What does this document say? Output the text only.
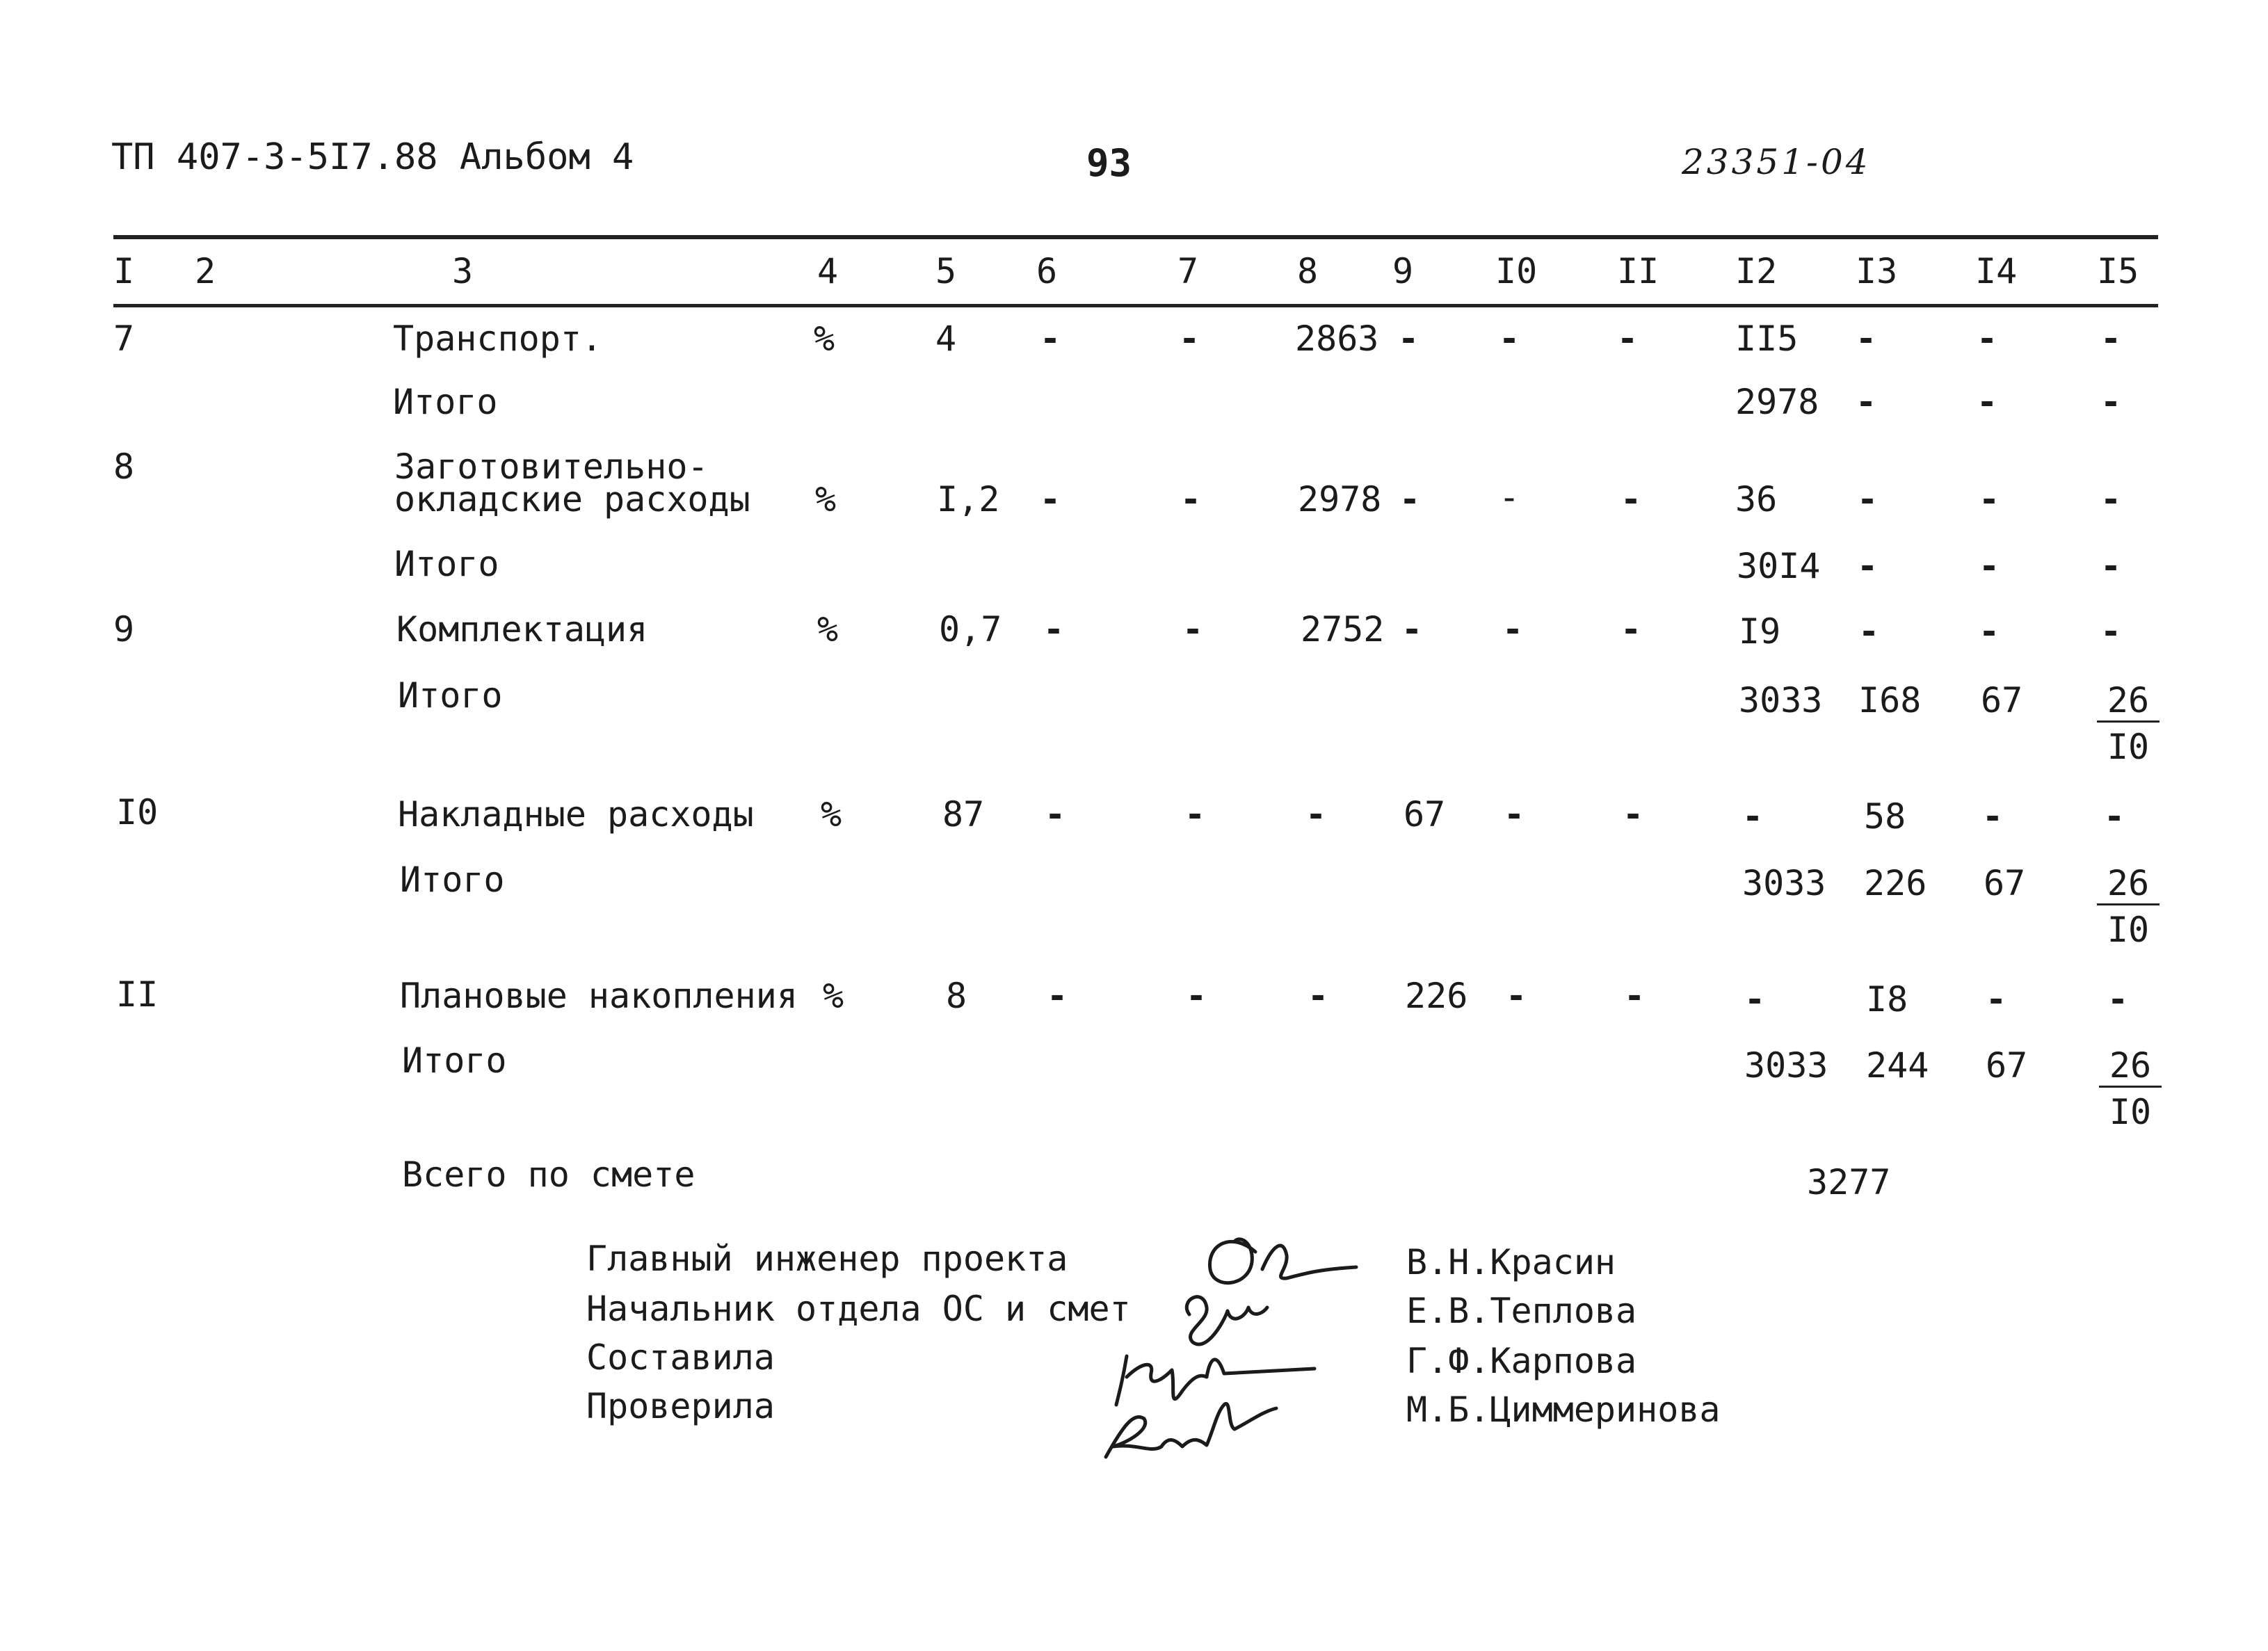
ТП 407-3-5І7.88 Альбом 4	93	23351-04
I 2	3	4	5 6	7	8 9 I0 II I2 I3 I4 I5
7	Транспорт.	%	4 -	-	2863 - -	-	II5 -	-	-
Итого	2978 -	-	-
8	Заготовительно-
окладские расходы %	I,2 -	-	2978 - -	-	36 -	-	-
Итого	30I4 -	-	-
9	Комплектация	%	0,7 -	-	2752 - -	-	I9 -	-	-
Итого	3033 I68 $67 \frac{26}{I0}$
I0	Накладные расходы %	87 -	-	- 67 -	-	-	58 -	-
Итого	3033 226 $67 \frac{26}{I0}$
II	Плановые накопления %	8 -	-	- 226 -	-	-	I8 -	-
Итого	3033 244 $67 \frac{26}{I0}$
Всего по смете	3277
Главный инженер проекта
Начальник отдела ОС и смет
Составила
Проверила
В.Н.Красин
Е.В.Теплова
Г.Ф.Карпова
М.Б.Циммеринова
